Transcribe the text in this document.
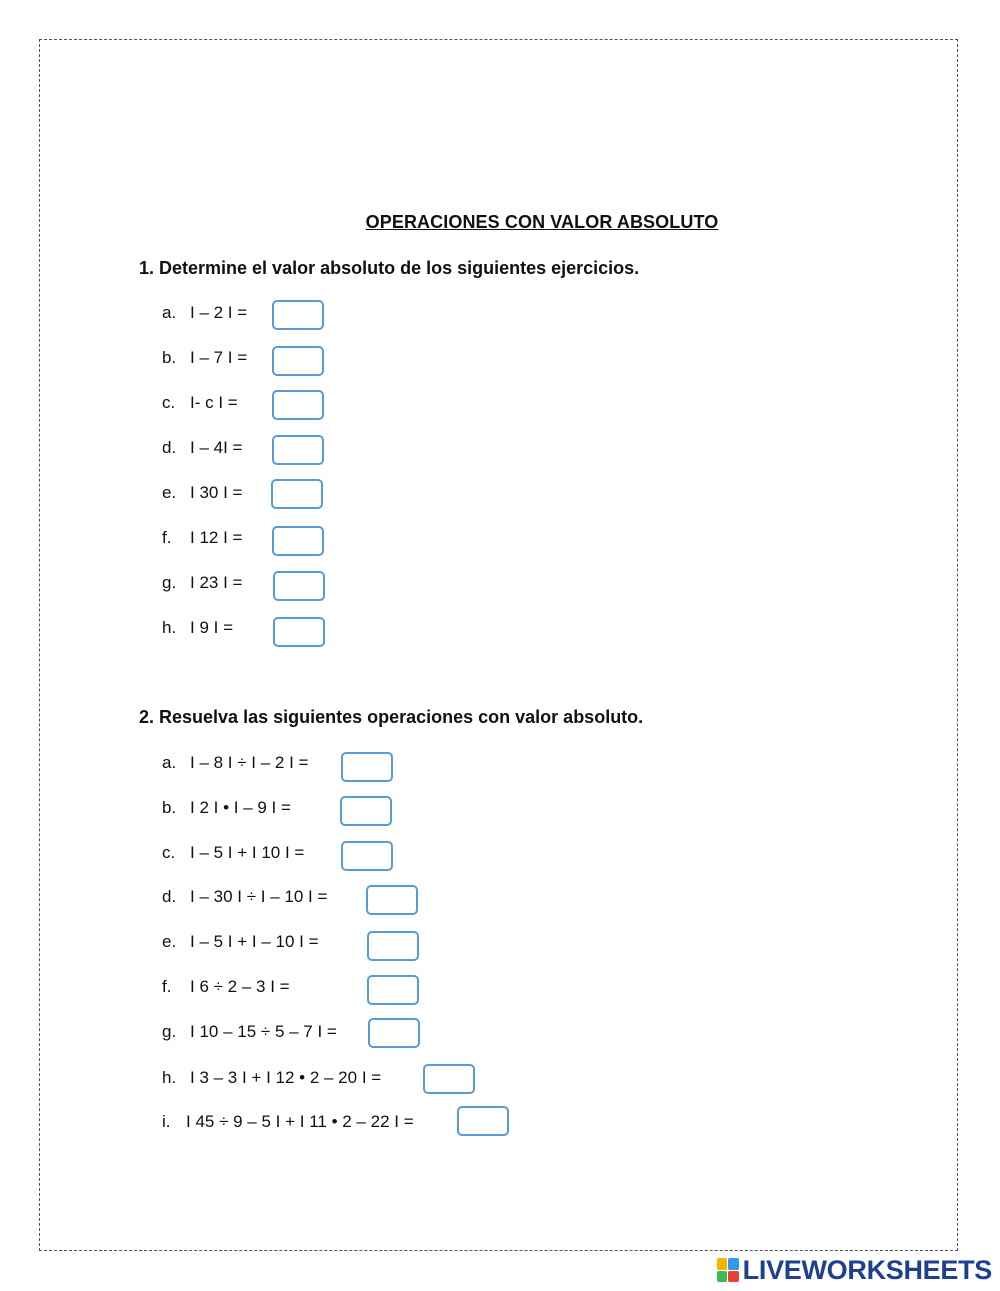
OPERACIONES CON VALOR ABSOLUTO
1. Determine el valor absoluto de los siguientes ejercicios.
a. I – 2 I =
b. I – 7 I =
c. I- c I =
d. I – 4I =
e. I 30 I =
f. I 12 I =
g. I 23 I =
h. I 9 I =
2. Resuelva las siguientes operaciones con valor absoluto.
a. I – 8 I ÷ I – 2 I =
b. I 2 I • I – 9 I =
c. I – 5 I + I 10 I =
d. I – 30 I ÷ I – 10 I =
e. I – 5 I + I – 10 I =
f. I 6 ÷ 2 – 3 I =
g. I 10 – 15 ÷ 5 – 7 I =
h. I 3 – 3 I + I 12 • 2 – 20 I =
i. I 45 ÷ 9 – 5 I + I 11 • 2 – 22 I =
LIVEWORKSHEETS
